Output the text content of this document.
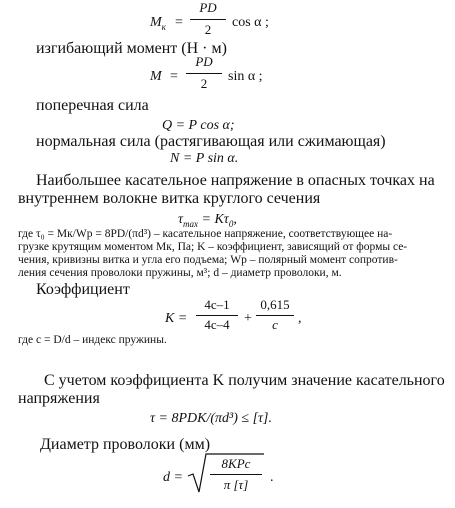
$M_к$ =
PD
2	cos α ;
изгибающий момент (Н · м)
M =
PD
2	sin α ;
поперечная сила
Q = P cos α;
нормальная сила (растягивающая или сжимающая)
N = P sin α.
Наибольшее касательное напряжение в опасных точках на
внутреннем волокне витка круглого сечения
$\tau_{max} = K\tau_0$,
где τ₀ = Mк/Wр = 8PD/(πd³) – касательное напряжение, соответствующее на-
грузке крутящим моментом Mк, Па; K – коэффициент, зависящий от формы се-
чения, кривизны витка и угла его подъема; Wр – полярный момент сопротив-
ления сечения проволоки пружины, м³; d – диаметр проволоки, м.
Коэффициент
K =
4c–1
4c–4	+
0,615
c	,
где c = D/d – индекс пружины.
С учетом коэффициента K получим значение касательного
напряжения
τ = 8PDK/(πd³) ≤ [τ].
Диаметр проволоки (мм)
d =
8KPc
π [τ]	.
